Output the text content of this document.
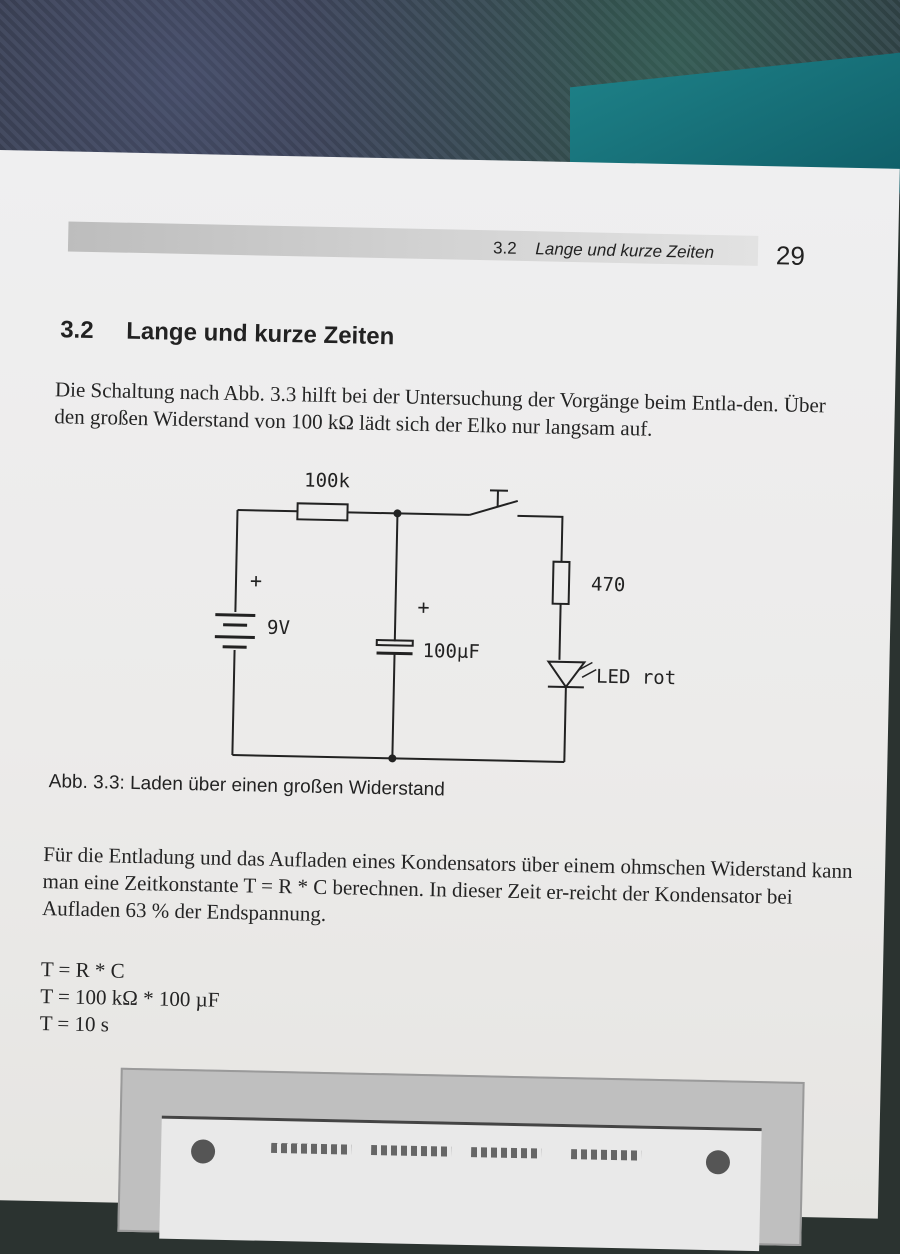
3.2 Lange und kurze Zeiten 29
3.2 Lange und kurze Zeiten
Die Schaltung nach Abb. 3.3 hilft bei der Untersuchung der Vorgänge beim Entla-den. Über den großen Widerstand von 100 kΩ lädt sich der Elko nur langsam auf.
100k
470
+
9V
+
100µF
LED rot
Abb. 3.3: Laden über einen großen Widerstand
Für die Entladung und das Aufladen eines Kondensators über einem ohmschen Widerstand kann man eine Zeitkonstante T = R * C berechnen. In dieser Zeit er-reicht der Kondensator bei Aufladen 63 % der Endspannung.
T = R * C
T = 100 kΩ * 100 µF
T = 10 s
